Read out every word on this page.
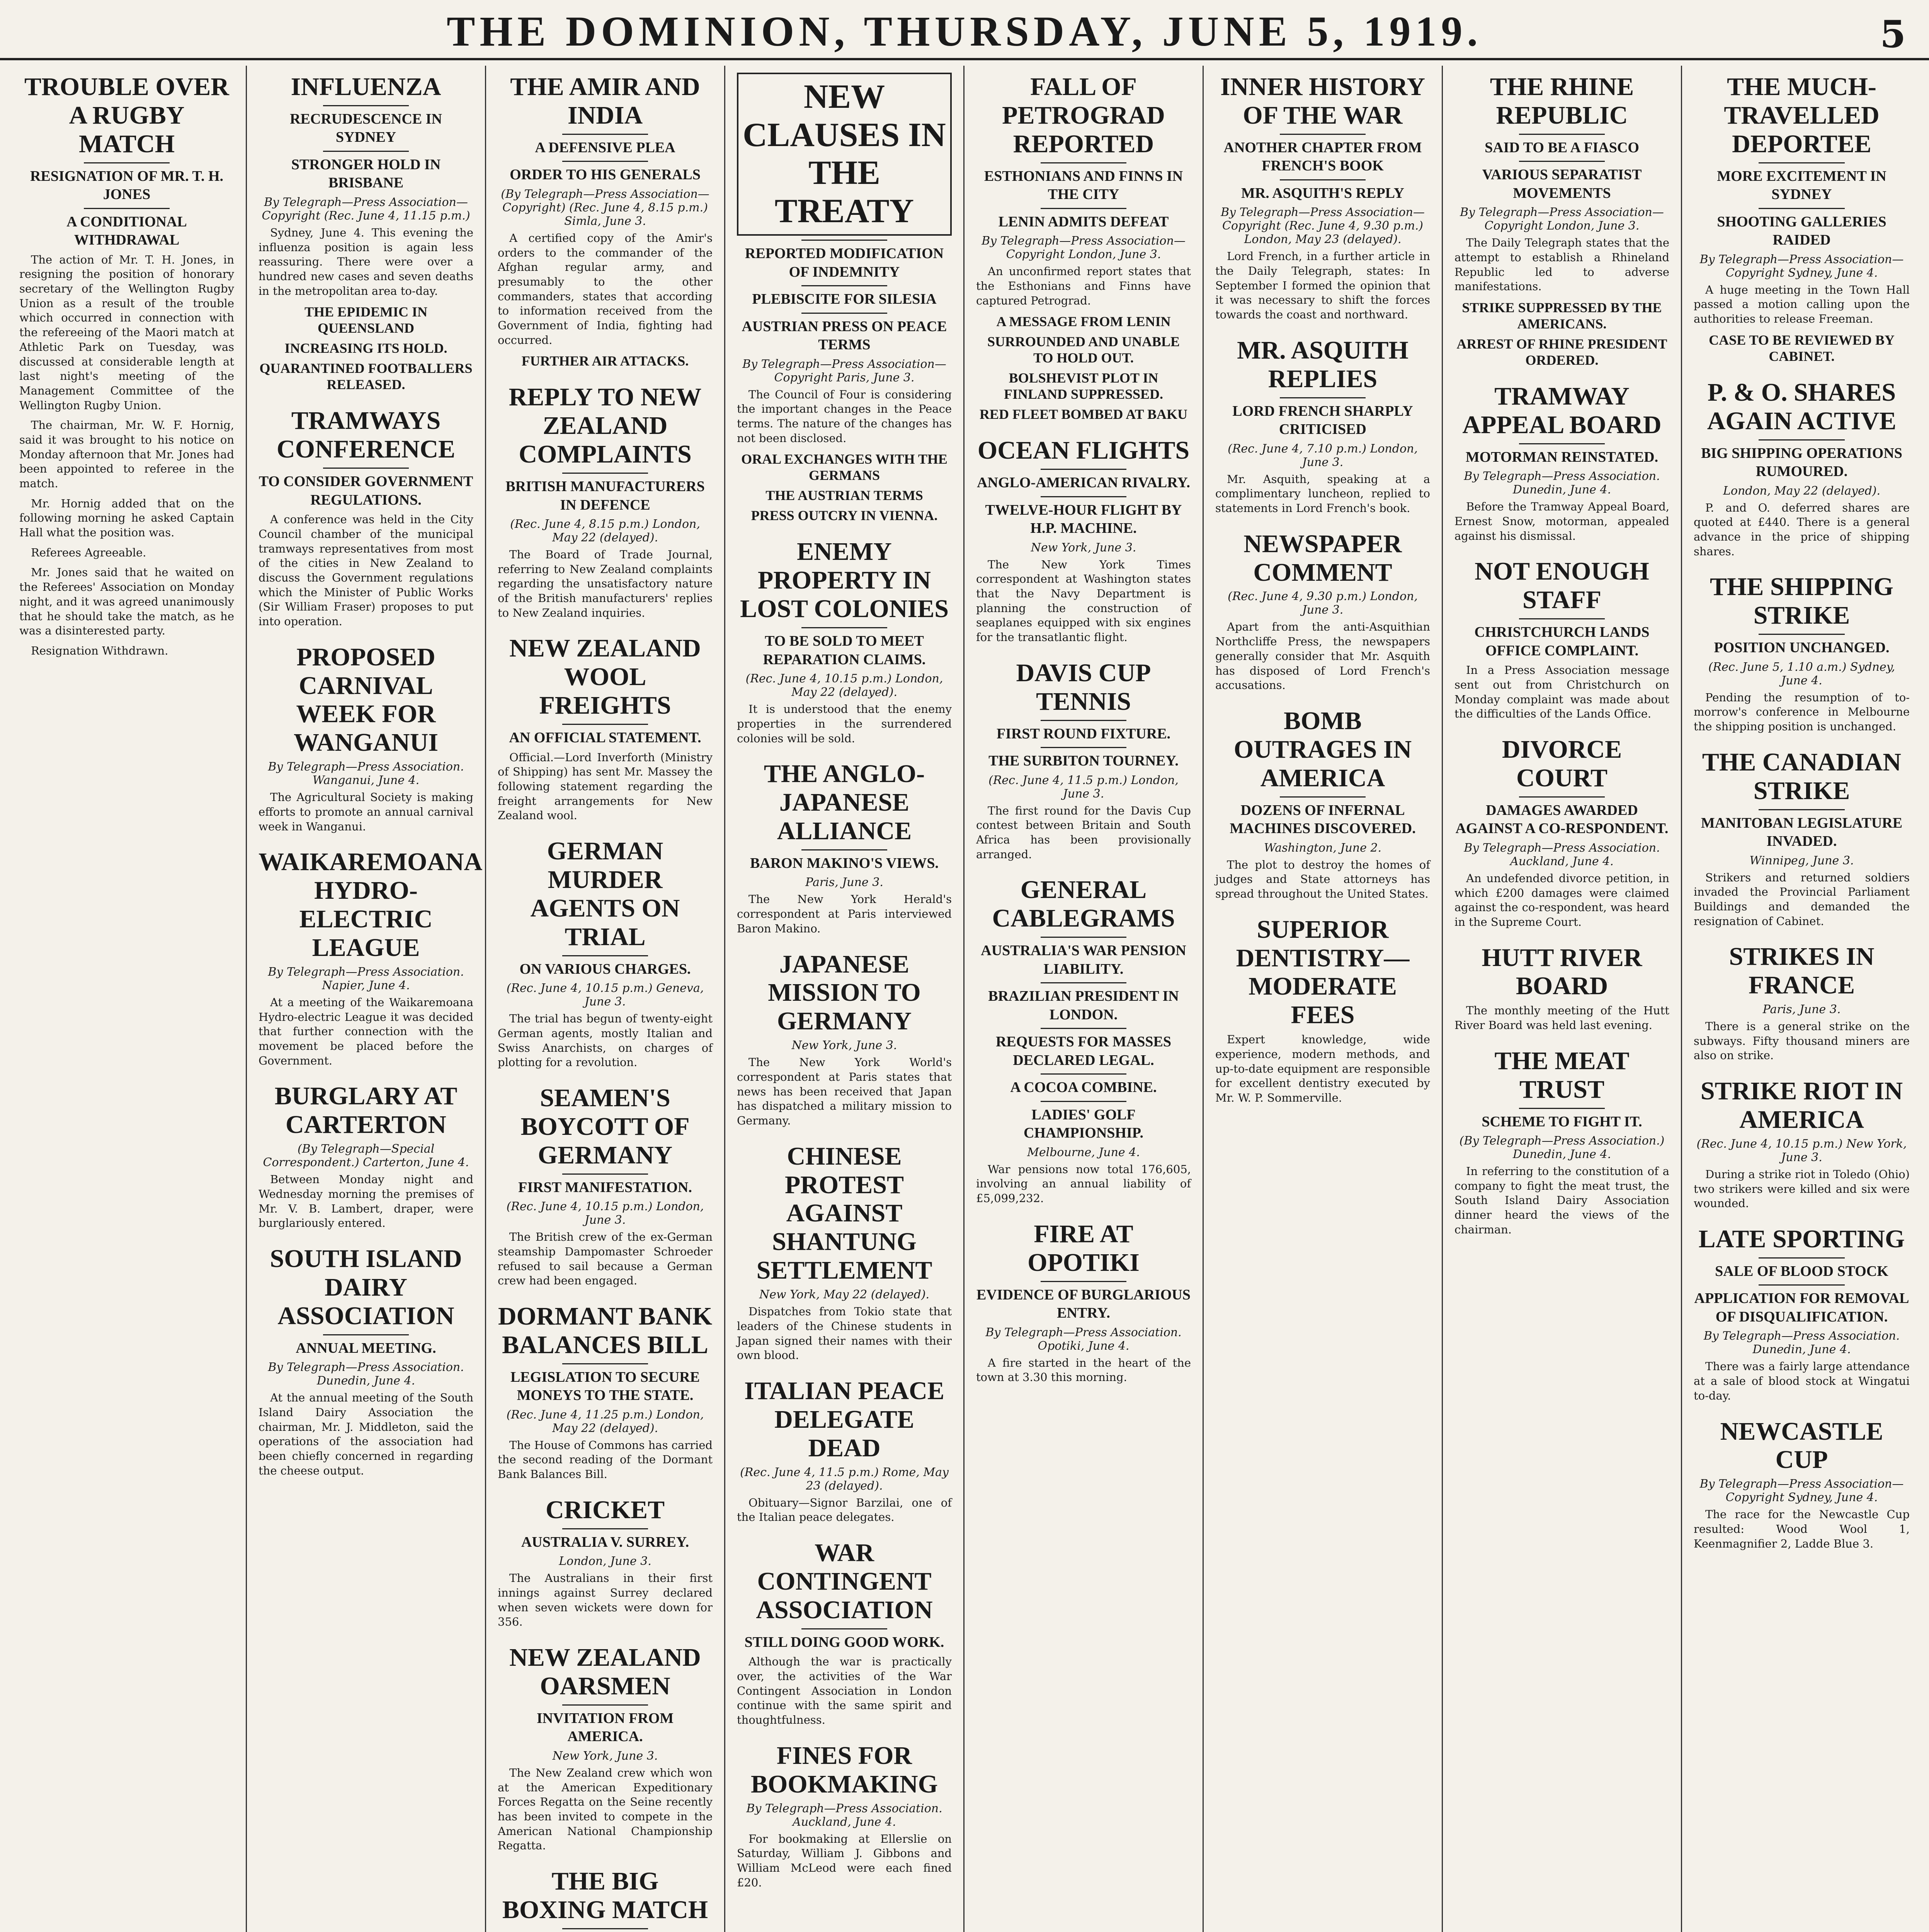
THE DOMINION, THURSDAY, JUNE 5, 1919.	5
TROUBLE OVER A RUGBY MATCH
RESIGNATION OF MR. T. H. JONES
A CONDITIONAL WITHDRAWAL

The action of Mr. T. H. Jones, in resigning the position of honorary secretary of the Wellington Rugby Union as a result of the trouble which occurred in connection with the refereeing of the Maori match at Athletic Park on Tuesday, was discussed at considerable length at last night's meeting of the Management Committee of the Wellington Rugby Union.

The chairman, Mr. W. F. Hornig, said it was brought to his notice on Monday afternoon that Mr. Jones had been appointed to referee in the match.

Mr. Hornig added that on the following morning he asked Captain Hall what the position was.

Referees Agreeable.

Mr. Jones said that he waited on the Referees' Association on Monday night, and it was agreed unanimously that he should take the match, as he was a disinterested party.

Resignation Withdrawn.

INFLUENZA
RECRUDESCENCE IN SYDNEY
STRONGER HOLD IN BRISBANE
By Telegraph—Press Association—Copyright (Rec. June 4, 11.15 p.m.)

Sydney, June 4. This evening the influenza position is again less reassuring. There were over a hundred new cases and seven deaths in the metropolitan area to-day.

THE EPIDEMIC IN QUEENSLAND
INCREASING ITS HOLD.
QUARANTINED FOOTBALLERS RELEASED.
TRAMWAYS CONFERENCE
TO CONSIDER GOVERNMENT REGULATIONS.

A conference was held in the City Council chamber of the municipal tramways representatives from most of the cities in New Zealand to discuss the Government regulations which the Minister of Public Works (Sir William Fraser) proposes to put into operation.

PROPOSED CARNIVAL WEEK FOR WANGANUI
By Telegraph—Press Association. Wanganui, June 4.

The Agricultural Society is making efforts to promote an annual carnival week in Wanganui.

WAIKAREMOANA HYDRO-ELECTRIC LEAGUE
By Telegraph—Press Association. Napier, June 4.

At a meeting of the Waikaremoana Hydro-electric League it was decided that further connection with the movement be placed before the Government.

BURGLARY AT CARTERTON
(By Telegraph—Special Correspondent.) Carterton, June 4.

Between Monday night and Wednesday morning the premises of Mr. V. B. Lambert, draper, were burglariously entered.

SOUTH ISLAND DAIRY ASSOCIATION
ANNUAL MEETING.
By Telegraph—Press Association. Dunedin, June 4.

At the annual meeting of the South Island Dairy Association the chairman, Mr. J. Middleton, said the operations of the association had been chiefly concerned in regarding the cheese output.

THE AMIR AND INDIA
A DEFENSIVE PLEA
ORDER TO HIS GENERALS
(By Telegraph—Press Association—Copyright) (Rec. June 4, 8.15 p.m.) Simla, June 3.

A certified copy of the Amir's orders to the commander of the Afghan regular army, and presumably to the other commanders, states that according to information received from the Government of India, fighting had occurred.

FURTHER AIR ATTACKS.
REPLY TO NEW ZEALAND COMPLAINTS
BRITISH MANUFACTURERS IN DEFENCE
(Rec. June 4, 8.15 p.m.) London, May 22 (delayed).

The Board of Trade Journal, referring to New Zealand complaints regarding the unsatisfactory nature of the British manufacturers' replies to New Zealand inquiries.

NEW ZEALAND WOOL FREIGHTS
AN OFFICIAL STATEMENT.

Official.—Lord Inverforth (Ministry of Shipping) has sent Mr. Massey the following statement regarding the freight arrangements for New Zealand wool.

GERMAN MURDER AGENTS ON TRIAL
ON VARIOUS CHARGES.
(Rec. June 4, 10.15 p.m.) Geneva, June 3.

The trial has begun of twenty-eight German agents, mostly Italian and Swiss Anarchists, on charges of plotting for a revolution.

SEAMEN'S BOYCOTT OF GERMANY
FIRST MANIFESTATION.
(Rec. June 4, 10.15 p.m.) London, June 3.

The British crew of the ex-German steamship Dampomaster Schroeder refused to sail because a German crew had been engaged.

DORMANT BANK BALANCES BILL
LEGISLATION TO SECURE MONEYS TO THE STATE.
(Rec. June 4, 11.25 p.m.) London, May 22 (delayed).

The House of Commons has carried the second reading of the Dormant Bank Balances Bill.

CRICKET
AUSTRALIA V. SURREY.
London, June 3.

The Australians in their first innings against Surrey declared when seven wickets were down for 356.

NEW ZEALAND OARSMEN
INVITATION FROM AMERICA.
New York, June 3.

The New Zealand crew which won at the American Expeditionary Forces Regatta on the Seine recently has been invited to compete in the American National Championship Regatta.

THE BIG BOXING MATCH

NEW CLAUSES IN THE TREATY
REPORTED MODIFICATION OF INDEMNITY
PLEBISCITE FOR SILESIA
AUSTRIAN PRESS ON PEACE TERMS
By Telegraph—Press Association—Copyright Paris, June 3.

The Council of Four is considering the important changes in the Peace terms. The nature of the changes has not been disclosed.

ORAL EXCHANGES WITH THE GERMANS
THE AUSTRIAN TERMS
PRESS OUTCRY IN VIENNA.
ENEMY PROPERTY IN LOST COLONIES
TO BE SOLD TO MEET REPARATION CLAIMS.
(Rec. June 4, 10.15 p.m.) London, May 22 (delayed).

It is understood that the enemy properties in the surrendered colonies will be sold.

THE ANGLO-JAPANESE ALLIANCE
BARON MAKINO'S VIEWS.
Paris, June 3.

The New York Herald's correspondent at Paris interviewed Baron Makino.

JAPANESE MISSION TO GERMANY
New York, June 3.

The New York World's correspondent at Paris states that news has been received that Japan has dispatched a military mission to Germany.

CHINESE PROTEST AGAINST SHANTUNG SETTLEMENT
New York, May 22 (delayed).

Dispatches from Tokio state that leaders of the Chinese students in Japan signed their names with their own blood.

ITALIAN PEACE DELEGATE DEAD
(Rec. June 4, 11.5 p.m.) Rome, May 23 (delayed).

Obituary—Signor Barzilai, one of the Italian peace delegates.

WAR CONTINGENT ASSOCIATION
STILL DOING GOOD WORK.

Although the war is practically over, the activities of the War Contingent Association in London continue with the same spirit and thoughtfulness.

FINES FOR BOOKMAKING
By Telegraph—Press Association. Auckland, June 4.

For bookmaking at Ellerslie on Saturday, William J. Gibbons and William McLeod were each fined £20.

FALL OF PETROGRAD REPORTED
ESTHONIANS AND FINNS IN THE CITY
LENIN ADMITS DEFEAT
By Telegraph—Press Association—Copyright London, June 3.

An unconfirmed report states that the Esthonians and Finns have captured Petrograd.

A MESSAGE FROM LENIN
SURROUNDED AND UNABLE TO HOLD OUT.
BOLSHEVIST PLOT IN FINLAND SUPPRESSED.
RED FLEET BOMBED AT BAKU
OCEAN FLIGHTS
ANGLO-AMERICAN RIVALRY.
TWELVE-HOUR FLIGHT BY H.P. MACHINE.
New York, June 3.

The New York Times correspondent at Washington states that the Navy Department is planning the construction of seaplanes equipped with six engines for the transatlantic flight.

DAVIS CUP TENNIS
FIRST ROUND FIXTURE.
THE SURBITON TOURNEY.
(Rec. June 4, 11.5 p.m.) London, June 3.

The first round for the Davis Cup contest between Britain and South Africa has been provisionally arranged.

GENERAL CABLEGRAMS
AUSTRALIA'S WAR PENSION LIABILITY.
BRAZILIAN PRESIDENT IN LONDON.
REQUESTS FOR MASSES DECLARED LEGAL.
A COCOA COMBINE.
LADIES' GOLF CHAMPIONSHIP.
Melbourne, June 4.

War pensions now total 176,605, involving an annual liability of £5,099,232.

FIRE AT OPOTIKI
EVIDENCE OF BURGLARIOUS ENTRY.
By Telegraph—Press Association. Opotiki, June 4.

A fire started in the heart of the town at 3.30 this morning.

INNER HISTORY OF THE WAR
ANOTHER CHAPTER FROM FRENCH'S BOOK
MR. ASQUITH'S REPLY
By Telegraph—Press Association—Copyright (Rec. June 4, 9.30 p.m.) London, May 23 (delayed).

Lord French, in a further article in the Daily Telegraph, states: In September I formed the opinion that it was necessary to shift the forces towards the coast and northward.

MR. ASQUITH REPLIES
LORD FRENCH SHARPLY CRITICISED
(Rec. June 4, 7.10 p.m.) London, June 3.

Mr. Asquith, speaking at a complimentary luncheon, replied to statements in Lord French's book.

NEWSPAPER COMMENT
(Rec. June 4, 9.30 p.m.) London, June 3.

Apart from the anti-Asquithian Northcliffe Press, the newspapers generally consider that Mr. Asquith has disposed of Lord French's accusations.

BOMB OUTRAGES IN AMERICA
DOZENS OF INFERNAL MACHINES DISCOVERED.
Washington, June 2.

The plot to destroy the homes of judges and State attorneys has spread throughout the United States.

SUPERIOR DENTISTRY—MODERATE FEES

Expert knowledge, wide experience, modern methods, and up-to-date equipment are responsible for excellent dentistry executed by Mr. W. P. Sommerville.

THE RHINE REPUBLIC
SAID TO BE A FIASCO
VARIOUS SEPARATIST MOVEMENTS
By Telegraph—Press Association—Copyright London, June 3.

The Daily Telegraph states that the attempt to establish a Rhineland Republic led to adverse manifestations.

STRIKE SUPPRESSED BY THE AMERICANS.
ARREST OF RHINE PRESIDENT ORDERED.
TRAMWAY APPEAL BOARD
MOTORMAN REINSTATED.
By Telegraph—Press Association. Dunedin, June 4.

Before the Tramway Appeal Board, Ernest Snow, motorman, appealed against his dismissal.

NOT ENOUGH STAFF
CHRISTCHURCH LANDS OFFICE COMPLAINT.

In a Press Association message sent out from Christchurch on Monday complaint was made about the difficulties of the Lands Office.

DIVORCE COURT
DAMAGES AWARDED AGAINST A CO-RESPONDENT.
By Telegraph—Press Association. Auckland, June 4.

An undefended divorce petition, in which £200 damages were claimed against the co-respondent, was heard in the Supreme Court.

HUTT RIVER BOARD

The monthly meeting of the Hutt River Board was held last evening.

THE MEAT TRUST
SCHEME TO FIGHT IT.
(By Telegraph—Press Association.) Dunedin, June 4.

In referring to the constitution of a company to fight the meat trust, the South Island Dairy Association dinner heard the views of the chairman.

THE MUCH-TRAVELLED DEPORTEE
MORE EXCITEMENT IN SYDNEY
SHOOTING GALLERIES RAIDED
By Telegraph—Press Association—Copyright Sydney, June 4.

A huge meeting in the Town Hall passed a motion calling upon the authorities to release Freeman.

CASE TO BE REVIEWED BY CABINET.
P. & O. SHARES AGAIN ACTIVE
BIG SHIPPING OPERATIONS RUMOURED.
London, May 22 (delayed).

P. and O. deferred shares are quoted at £440. There is a general advance in the price of shipping shares.

THE SHIPPING STRIKE
POSITION UNCHANGED.
(Rec. June 5, 1.10 a.m.) Sydney, June 4.

Pending the resumption of to-morrow's conference in Melbourne the shipping position is unchanged.

THE CANADIAN STRIKE
MANITOBAN LEGISLATURE INVADED.
Winnipeg, June 3.

Strikers and returned soldiers invaded the Provincial Parliament Buildings and demanded the resignation of Cabinet.

STRIKES IN FRANCE
Paris, June 3.

There is a general strike on the subways. Fifty thousand miners are also on strike.

STRIKE RIOT IN AMERICA
(Rec. June 4, 10.15 p.m.) New York, June 3.

During a strike riot in Toledo (Ohio) two strikers were killed and six were wounded.

LATE SPORTING
SALE OF BLOOD STOCK
APPLICATION FOR REMOVAL OF DISQUALIFICATION.
By Telegraph—Press Association. Dunedin, June 4.

There was a fairly large attendance at a sale of blood stock at Wingatui to-day.

NEWCASTLE CUP
By Telegraph—Press Association—Copyright Sydney, June 4.

The race for the Newcastle Cup resulted: Wood Wool 1, Keenmagnifier 2, Ladde Blue 3.
